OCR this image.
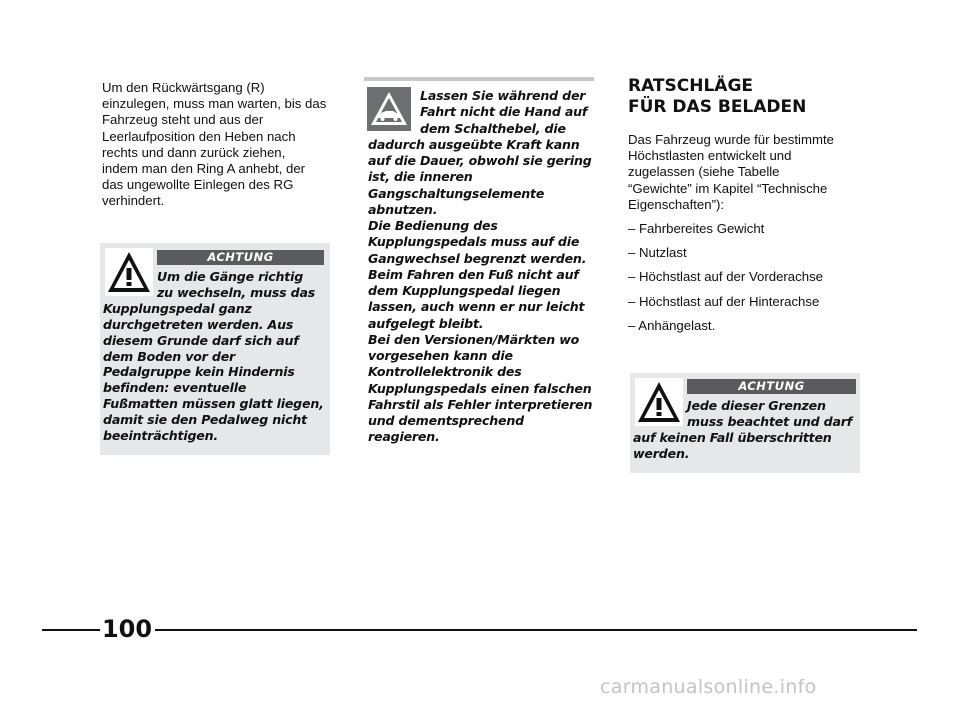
Um den Rückwärtsgang (R)
einzulegen, muss man warten, bis das
Fahrzeug steht und aus der
Leerlaufposition den Heben nach
rechts und dann zurück ziehen,
indem man den Ring A anhebt, der
das ungewollte Einlegen des RG
verhindert.

ACHTUNG

Um die Gänge richtig
zu wechseln, muss das
Kupplungspedal ganz
durchgetreten werden. Aus
diesem Grunde darf sich auf
dem Boden vor der
Pedalgruppe kein Hindernis
befinden: eventuelle
Fußmatten müssen glatt liegen,
damit sie den Pedalweg nicht
beeinträchtigen.

Lassen Sie während der
Fahrt nicht die Hand auf
dem Schalthebel, die
dadurch ausgeübte Kraft kann
auf die Dauer, obwohl sie gering
ist, die inneren
Gangschaltungselemente
abnutzen.
Die Bedienung des
Kupplungspedals muss auf die
Gangwechsel begrenzt werden.
Beim Fahren den Fuß nicht auf
dem Kupplungspedal liegen
lassen, auch wenn er nur leicht
aufgelegt bleibt.
Bei den Versionen/Märkten wo
vorgesehen kann die
Kontrollelektronik des
Kupplungspedals einen falschen
Fahrstil als Fehler interpretieren
und dementsprechend
reagieren.

RATSCHLÄGE
FÜR DAS BELADEN

Das Fahrzeug wurde für bestimmte
Höchstlasten entwickelt und
zugelassen (siehe Tabelle
“Gewichte” im Kapitel “Technische
Eigenschaften”):

– Fahrbereites Gewicht

– Nutzlast

– Höchstlast auf der Vorderachse

– Höchstlast auf der Hinterachse

– Anhängelast.

ACHTUNG

Jede dieser Grenzen
muss beachtet und darf
auf keinen Fall überschritten
werden.

100
carmanualsonline.info
